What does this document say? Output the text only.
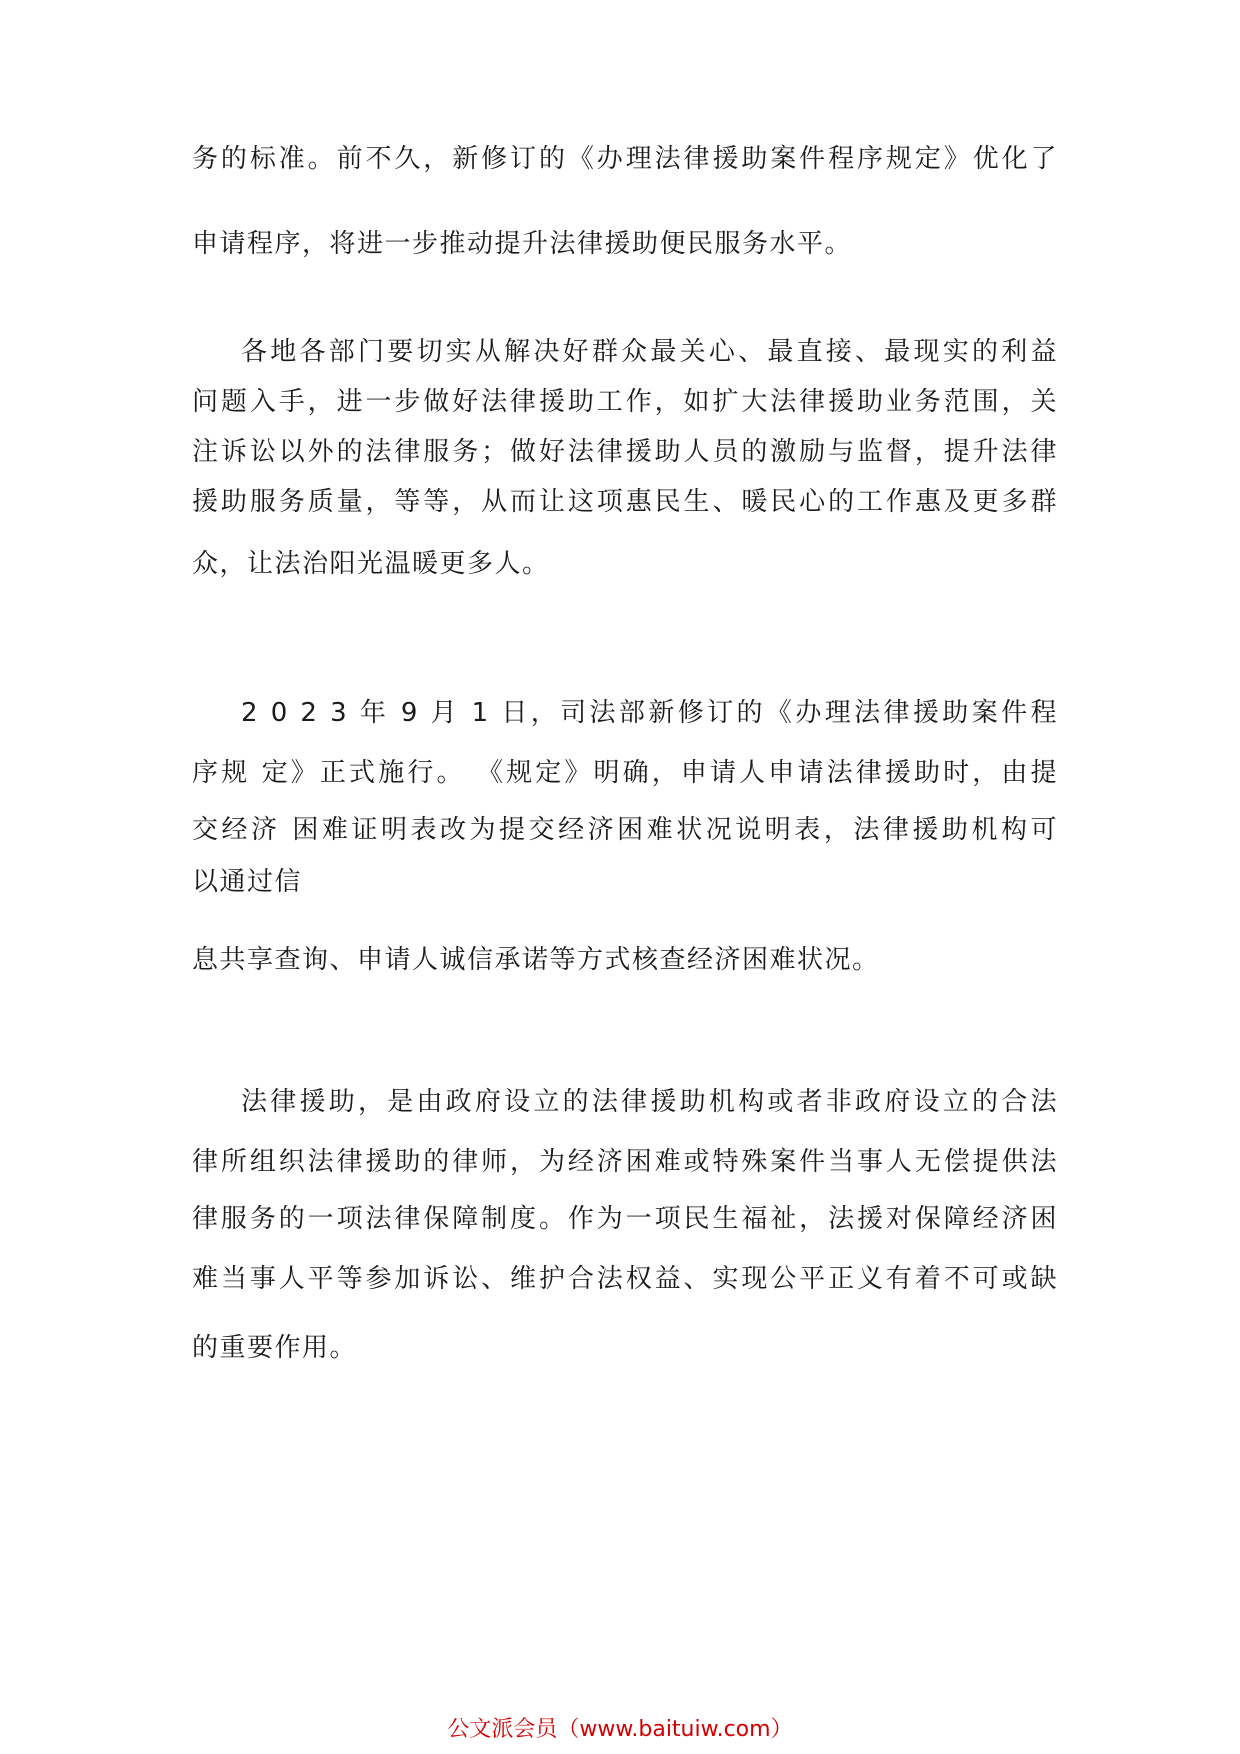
务的标准。前不久，新修订的《办理法律援助案件程序规定》优化了
申请程序，将进一步推动提升法律援助便民服务水平。
各地各部门要切实从解决好群众最关心、最直接、最现实的利益
问题入手，进一步做好法律援助工作，如扩大法律援助业务范围，关
注诉讼以外的法律服务；做好法律援助人员的激励与监督，提升法律
援助服务质量，等等，从而让这项惠民生、暖民心的工作惠及更多群
众，让法治阳光温暖更多人。
2 0 2 3 年 9 月 1 日，司法部新修订的《办理法律援助案件程
序规 定》正式施行。 《规定》明确，申请人申请法律援助时，由提
交经济 困难证明表改为提交经济困难状况说明表，法律援助机构可
以通过信
息共享查询、申请人诚信承诺等方式核查经济困难状况。
法律援助，是由政府设立的法律援助机构或者非政府设立的合法
律所组织法律援助的律师，为经济困难或特殊案件当事人无偿提供法
律服务的一项法律保障制度。作为一项民生福祉，法援对保障经济困
难当事人平等参加诉讼、维护合法权益、实现公平正义有着不可或缺
的重要作用。
公文派会员（www.baituiw.com）
